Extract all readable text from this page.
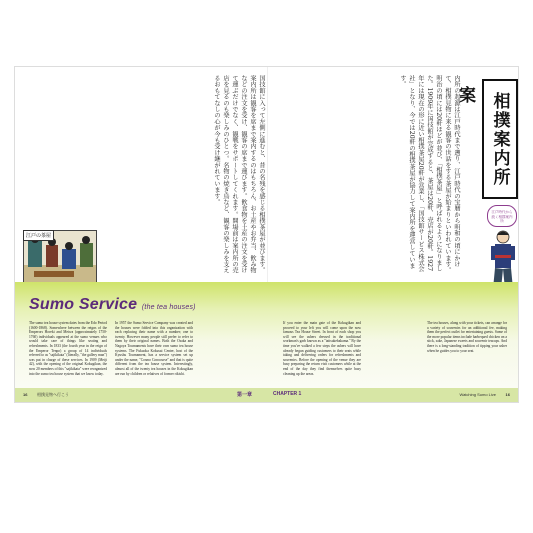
江戸の茶屋	国技館に入って左側に進むと、昔の名残を感じる相撲茶屋が並びます。案内所は観客を席まで案内するのはもちろん、お土産やお弁当、飲み物などの注文を受け、観客の席まで運びます。飲食物を土産の注文を受けて運ぶだけでなく、観戦をサポートしてくれます。開場前は案内所の売店を見るのも楽しみのひとつ。名物の焼き鳥など、観客の楽しみを支えるおもてなしの心が今も受け継がれています。	内所の起源は江戸時代まで遡り、江戸時代の宝暦から明和の頃にかけて、相撲見物に来る観客の世話をする茶屋が始まりといわれています。明治の頃には20軒ほどが並び、「相撲茶屋」と呼ばれるようになりました。1909年に国技館が完成すると、茶屋は20軒、売店が20軒。1927年には現在の形に近い相撲茶屋20軒が営業し、「国技館サービス株式会社」となり、今では20軒の相撲茶屋が協力して案内所を運営しています。
案 相撲案内所
江戸時代から続く相撲案内所
Sumo Service (the tea houses)
The sumo tea house system dates from the Edo Period (1600-1868). Somewhere between the reigns of the Emperors Horeki and Meiwa (approximately 1750-1760) individuals appeared at the sumo venues who would take care of things like seating and refreshments. In 1833 (the fourth year in the reign of the Emperor Tenpo) a group of 14 individuals referred to as "sajikikata" (literally, "the gallery man") was put in charge of these services. In 1909 (Meiji 42), with the opening of the original Kokugikan, the now 20 members of this "sajikikata" were reorganized into the sumo tea house system that we know today.
In 1957 the Sumo Service Company was created and the houses were folded into this organization with each replacing their name with a number; one to twenty. However many people still prefer to refer to them by their original names. Both the Osaka and Nagoya Tournaments have their own sumo tea house systems. The Fukuoka Kokusai Center, host of the Kyushu Tournament, has a service system set up under the name, "Cosmo Concourse" and that is quite different from the tea house system. Interestingly, almost all of the twenty tea houses in the Kokugikan are run by children or relatives of former rikishi.
If you enter the main gate of the Kokugikan and proceed to your left you will come upon the now famous Tea House Street. In front of each shop you will see the ushers dressed in the traditional workman's garb known as a "tattsukebakama." By the time you've walked a few steps the ushers will have already begun guiding customers to their seats while taking and delivering orders for refreshments and souvenirs. Before the opening of the venue they are busy preparing the return visit customers while at the end of the day they find themselves quite busy cleaning up the areas.
The tea houses, along with your tickets, can arrange for a variety of souvenirs for an additional fee, making them the perfect outlet for entertaining guests. Some of the more popular items include barbequed chicken on a stick, sake, Japanese sweets and souvenir teacups. And there is a long-standing tradition of tipping your usher when he guides you to your seat.
16 相撲見物へ行こう	第一章	CHAPTER 1	Watching Sumo Live 16
